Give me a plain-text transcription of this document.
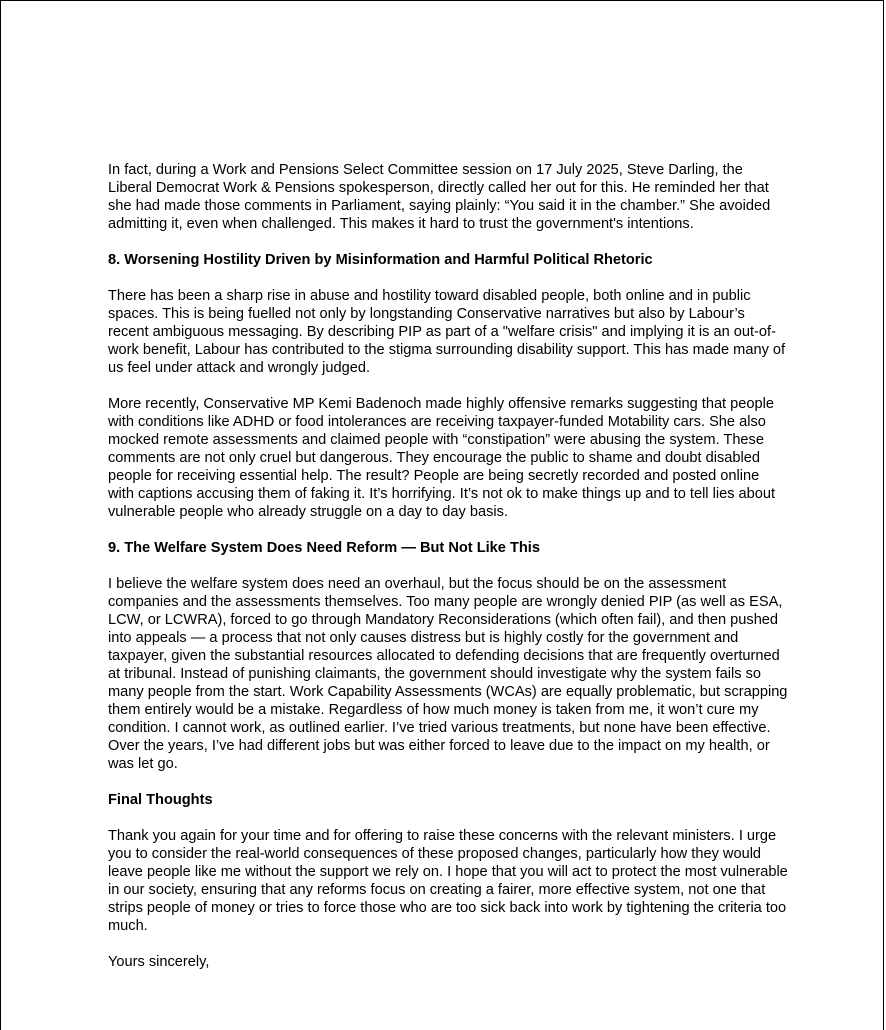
In fact, during a Work and Pensions Select Committee session on 17 July 2025, Steve Darling, the Liberal Democrat Work & Pensions spokesperson, directly called her out for this. He reminded her that she had made those comments in Parliament, saying plainly: “You said it in the chamber.” She avoided admitting it, even when challenged. This makes it hard to trust the government's intentions.

8. Worsening Hostility Driven by Misinformation and Harmful Political Rhetoric

There has been a sharp rise in abuse and hostility toward disabled people, both online and in public spaces. This is being fuelled not only by longstanding Conservative narratives but also by Labour’s recent ambiguous messaging. By describing PIP as part of a "welfare crisis" and implying it is an out-of-work benefit, Labour has contributed to the stigma surrounding disability support. This has made many of us feel under attack and wrongly judged.

More recently, Conservative MP Kemi Badenoch made highly offensive remarks suggesting that people with conditions like ADHD or food intolerances are receiving taxpayer-funded Motability cars. She also mocked remote assessments and claimed people with “constipation” were abusing the system. These comments are not only cruel but dangerous. They encourage the public to shame and doubt disabled people for receiving essential help. The result? People are being secretly recorded and posted online with captions accusing them of faking it. It’s horrifying. It’s not ok to make things up and to tell lies about vulnerable people who already struggle on a day to day basis.

9. The Welfare System Does Need Reform — But Not Like This

I believe the welfare system does need an overhaul, but the focus should be on the assessment companies and the assessments themselves. Too many people are wrongly denied PIP (as well as ESA, LCW, or LCWRA), forced to go through Mandatory Reconsiderations (which often fail), and then pushed into appeals — a process that not only causes distress but is highly costly for the government and taxpayer, given the substantial resources allocated to defending decisions that are frequently overturned at tribunal. Instead of punishing claimants, the government should investigate why the system fails so many people from the start. Work Capability Assessments (WCAs) are equally problematic, but scrapping them entirely would be a mistake. Regardless of how much money is taken from me, it won’t cure my condition. I cannot work, as outlined earlier. I’ve tried various treatments, but none have been effective. Over the years, I’ve had different jobs but was either forced to leave due to the impact on my health, or was let go.

Final Thoughts

Thank you again for your time and for offering to raise these concerns with the relevant ministers. I urge you to consider the real-world consequences of these proposed changes, particularly how they would leave people like me without the support we rely on. I hope that you will act to protect the most vulnerable in our society, ensuring that any reforms focus on creating a fairer, more effective system, not one that strips people of money or tries to force those who are too sick back into work by tightening the criteria too much.

Yours sincerely,
